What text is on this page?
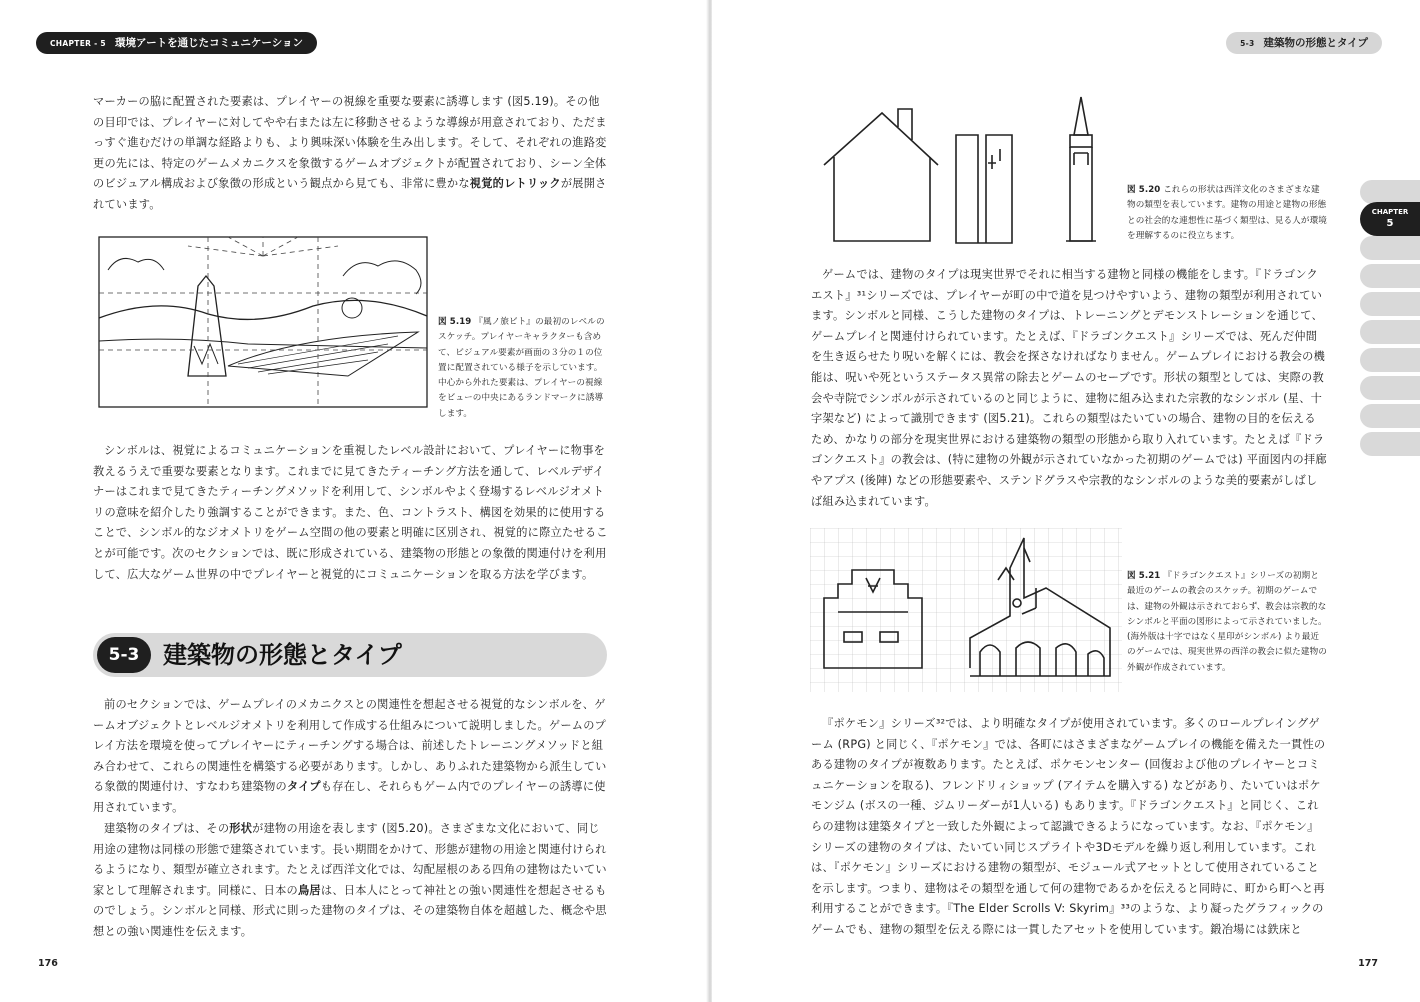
CHAPTER - 5 環境アートを通じたコミュニケーション

マーカーの脇に配置された要素は、プレイヤーの視線を重要な要素に誘導します (図5.19)。その他の目印では、プレイヤーに対してやや右または左に移動させるような導線が用意されており、ただまっすぐ進むだけの単調な経路よりも、より興味深い体験を生み出します。そして、それぞれの進路変更の先には、特定のゲームメカニクスを象徴するゲームオブジェクトが配置されており、シーン全体のビジュアル構成および象徴の形成という観点から見ても、非常に豊かな視覚的レトリックが展開されています。

図 5.19 『風ノ旅ビト』の最初のレベルのスケッチ。プレイヤーキャラクターも含めて、ビジュアル要素が画面の３分の１の位置に配置されている様子を示しています。中心から外れた要素は、プレイヤーの視線をビューの中央にあるランドマークに誘導します。

シンボルは、視覚によるコミュニケーションを重視したレベル設計において、プレイヤーに物事を教えるうえで重要な要素となります。これまでに見てきたティーチング方法を通して、レベルデザイナーはこれまで見てきたティーチングメソッドを利用して、シンボルやよく登場するレベルジオメトリの意味を紹介したり強調することができます。また、色、コントラスト、構図を効果的に使用することで、シンボル的なジオメトリをゲーム空間の他の要素と明確に区別され、視覚的に際立たせることが可能です。次のセクションでは、既に形成されている、建築物の形態との象徴的関連付けを利用して、広大なゲーム世界の中でプレイヤーと視覚的にコミュニケーションを取る方法を学びます。

5-3 建築物の形態とタイプ

前のセクションでは、ゲームプレイのメカニクスとの関連性を想起させる視覚的なシンボルを、ゲームオブジェクトとレベルジオメトリを利用して作成する仕組みについて説明しました。ゲームのプレイ方法を環境を使ってプレイヤーにティーチングする場合は、前述したトレーニングメソッドと組み合わせて、これらの関連性を構築する必要があります。しかし、ありふれた建築物から派生している象徴的関連付け、すなわち建築物のタイプも存在し、それらもゲーム内でのプレイヤーの誘導に使用されています。

建築物のタイプは、その形状が建物の用途を表します (図5.20)。さまざまな文化において、同じ用途の建物は同様の形態で建築されています。長い期間をかけて、形態が建物の用途と関連付けられるようになり、類型が確立されます。たとえば西洋文化では、勾配屋根のある四角の建物はたいてい家として理解されます。同様に、日本の鳥居は、日本人にとって神社との強い関連性を想起させるものでしょう。シンボルと同様、形式に則った建物のタイプは、その建築物自体を超越した、概念や思想との強い関連性を伝えます。

176
5-3 建築物の形態とタイプ

図 5.20 これらの形状は西洋文化のさまざまな建物の類型を表しています。建物の用途と建物の形態との社会的な連想性に基づく類型は、見る人が環境を理解するのに役立ちます。

ゲームでは、建物のタイプは現実世界でそれに相当する建物と同様の機能をします。『ドラゴンクエスト』³¹シリーズでは、プレイヤーが町の中で道を見つけやすいよう、建物の類型が利用されています。シンボルと同様、こうした建物のタイプは、トレーニングとデモンストレーションを通じて、ゲームプレイと関連付けられています。たとえば、『ドラゴンクエスト』シリーズでは、死んだ仲間を生き返らせたり呪いを解くには、教会を探さなければなりません。ゲームプレイにおける教会の機能は、呪いや死というステータス異常の除去とゲームのセーブです。形状の類型としては、実際の教会や寺院でシンボルが示されているのと同じように、建物に組み込まれた宗教的なシンボル (星、十字架など) によって識別できます (図5.21)。これらの類型はたいていの場合、建物の目的を伝えるため、かなりの部分を現実世界における建築物の類型の形態から取り入れています。たとえば『ドラゴンクエスト』の教会は、(特に建物の外観が示されていなかった初期のゲームでは) 平面図内の拝廊やアプス (後陣) などの形態要素や、ステンドグラスや宗教的なシンボルのような美的要素がしばしば組み込まれています。

図 5.21 『ドラゴンクエスト』シリーズの初期と最近のゲームの教会のスケッチ。初期のゲームでは、建物の外観は示されておらず、教会は宗教的なシンボルと平面の図形によって示されていました。(海外版は十字ではなく星印がシンボル) より最近のゲームでは、現実世界の西洋の教会に似た建物の外観が作成されています。

『ポケモン』シリーズ³²では、より明確なタイプが使用されています。多くのロールプレイングゲーム (RPG) と同じく、『ポケモン』では、各町にはさまざまなゲームプレイの機能を備えた一貫性のある建物のタイプが複数あります。たとえば、ポケモンセンター (回復および他のプレイヤーとコミュニケーションを取る)、フレンドリィショップ (アイテムを購入する) などがあり、たいていはポケモンジム (ボスの一種、ジムリーダーが1人いる) もあります。『ドラゴンクエスト』と同じく、これらの建物は建築タイプと一致した外観によって認識できるようになっています。なお、『ポケモン』シリーズの建物のタイプは、たいてい同じスプライトや3Dモデルを繰り返し利用しています。これは、『ポケモン』シリーズにおける建物の類型が、モジュール式アセットとして使用されていることを示します。つまり、建物はその類型を通して何の建物であるかを伝えると同時に、町から町へと再利用することができます。『The Elder Scrolls V: Skyrim』³³のような、より凝ったグラフィックのゲームでも、建物の類型を伝える際には一貫したアセットを使用しています。鍛冶場には鉄床と

CHAPTER
5
177
